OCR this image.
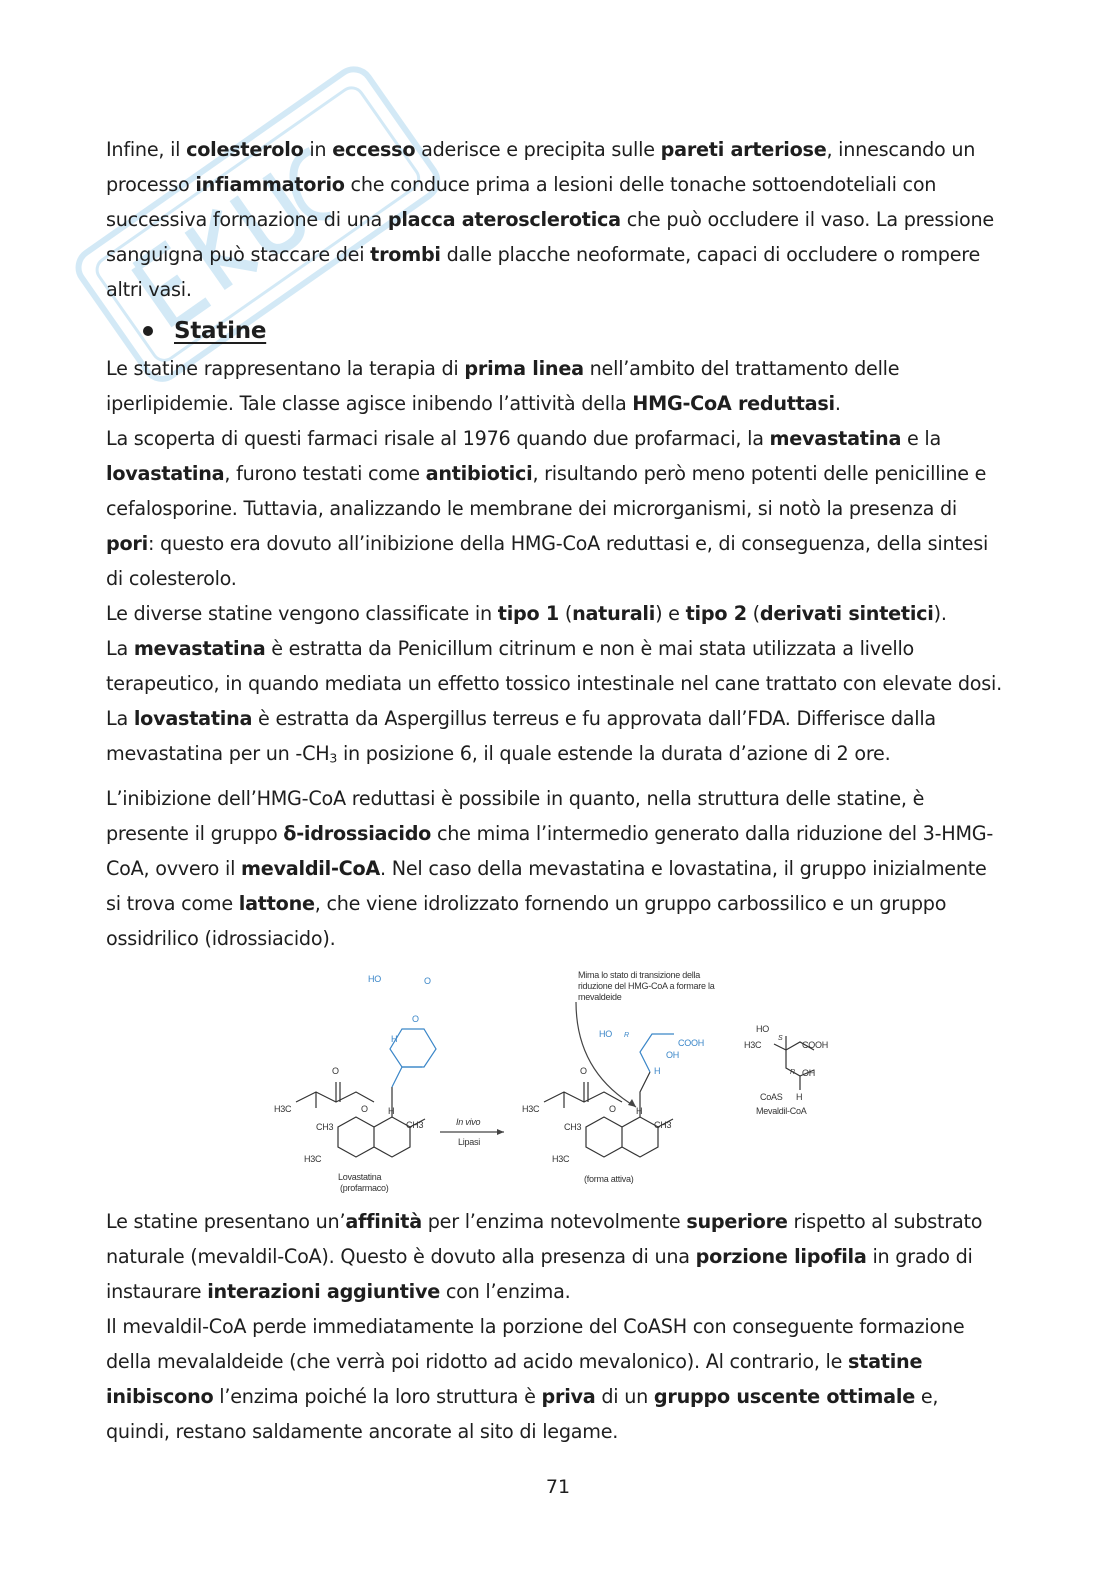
Infine, il colesterolo in eccesso aderisce e precipita sulle pareti arteriose, innescando un processo infiammatorio che conduce prima a lesioni delle tonache sottoendoteliali con successiva formazione di una placca aterosclerotica che può occludere il vaso. La pressione sanguigna può staccare dei trombi dalle placche neoformate, capaci di occludere o rompere altri vasi.

Statine

Le statine rappresentano la terapia di prima linea nell’ambito del trattamento delle iperlipidemie. Tale classe agisce inibendo l’attività della HMG-CoA reduttasi.

La scoperta di questi farmaci risale al 1976 quando due profarmaci, la mevastatina e la lovastatina, furono testati come antibiotici, risultando però meno potenti delle penicilline e cefalosporine. Tuttavia, analizzando le membrane dei microrganismi, si notò la presenza di pori: questo era dovuto all’inibizione della HMG-CoA reduttasi e, di conseguenza, della sintesi di colesterolo.

Le diverse statine vengono classificate in tipo 1 (naturali) e tipo 2 (derivati sintetici).

La mevastatina è estratta da Penicillum citrinum e non è mai stata utilizzata a livello terapeutico, in quando mediata un effetto tossico intestinale nel cane trattato con elevate dosi.

La lovastatina è estratta da Aspergillus terreus e fu approvata dall’FDA. Differisce dalla mevastatina per un $-CH_3$ in posizione 6, il quale estende la durata d’azione di 2 ore.

L’inibizione dell’HMG-CoA reduttasi è possibile in quanto, nella struttura delle statine, è presente il gruppo δ-idrossiacido che mima l’intermedio generato dalla riduzione del 3-HMG-CoA, ovvero il mevaldil-CoA. Nel caso della mevastatina e lovastatina, il gruppo inizialmente si trova come lattone, che viene idrolizzato fornendo un gruppo carbossilico e un gruppo ossidrilico (idrossiacido).

Mima lo stato di transizione della
riduzione del HMG-CoA a formare la
mevaldeide
HO	O
O
H
H3C
O
CH3
O H
CH3
H3C
Lovastatina
(profarmaco)
In vivo
Lipasi
HO R
COOH
OH
H
H3C
O
CH3
O H
CH3
H3C
(forma attiva)
HO
S
H3C	COOH
R OH
CoAS H
Mevaldil-CoA

Le statine presentano un’affinità per l’enzima notevolmente superiore rispetto al substrato naturale (mevaldil-CoA). Questo è dovuto alla presenza di una porzione lipofila in grado di instaurare interazioni aggiuntive con l’enzima.

Il mevaldil-CoA perde immediatamente la porzione del CoASH con conseguente formazione della mevalaldeide (che verrà poi ridotto ad acido mevalonico). Al contrario, le statine inibiscono l’enzima poiché la loro struttura è priva di un gruppo uscente ottimale e, quindi, restano saldamente ancorate al sito di legame.

71
